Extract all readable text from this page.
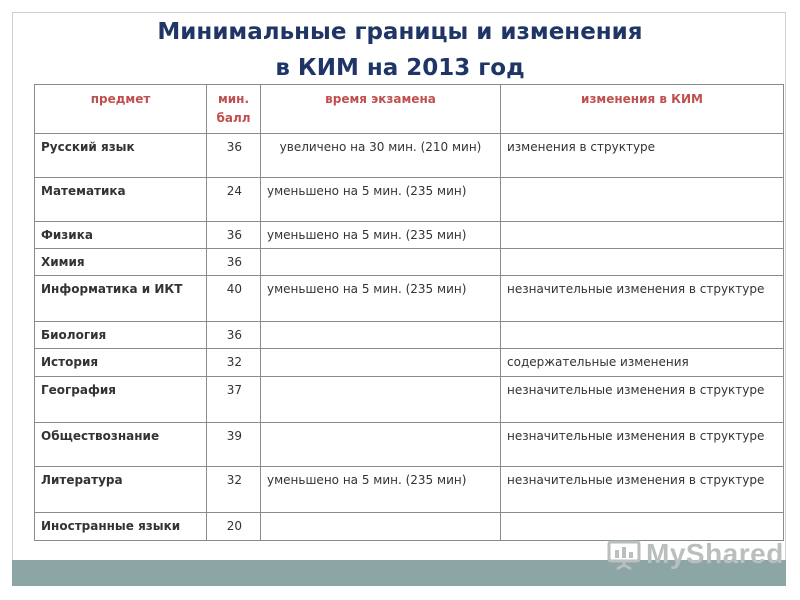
Минимальные границы и изменения
в КИМ на 2013 год
предмет	мин. балл	время экзамена	изменения в КИМ
Русский язык	36	увеличено на 30 мин. (210 мин)	изменения в структуре
Математика	24	уменьшено на 5 мин. (235 мин)	
Физика	36	уменьшено на 5 мин. (235 мин)	
Химия	36		
Информатика и ИКТ	40	уменьшено на 5 мин. (235 мин)	незначительные изменения в структуре
Биология	36		
История	32		содержательные изменения
География	37		незначительные изменения в структуре
Обществознание	39		незначительные изменения в структуре
Литература	32	уменьшено на 5 мин. (235 мин)	незначительные изменения в структуре
Иностранные языки	20		
MyShared
